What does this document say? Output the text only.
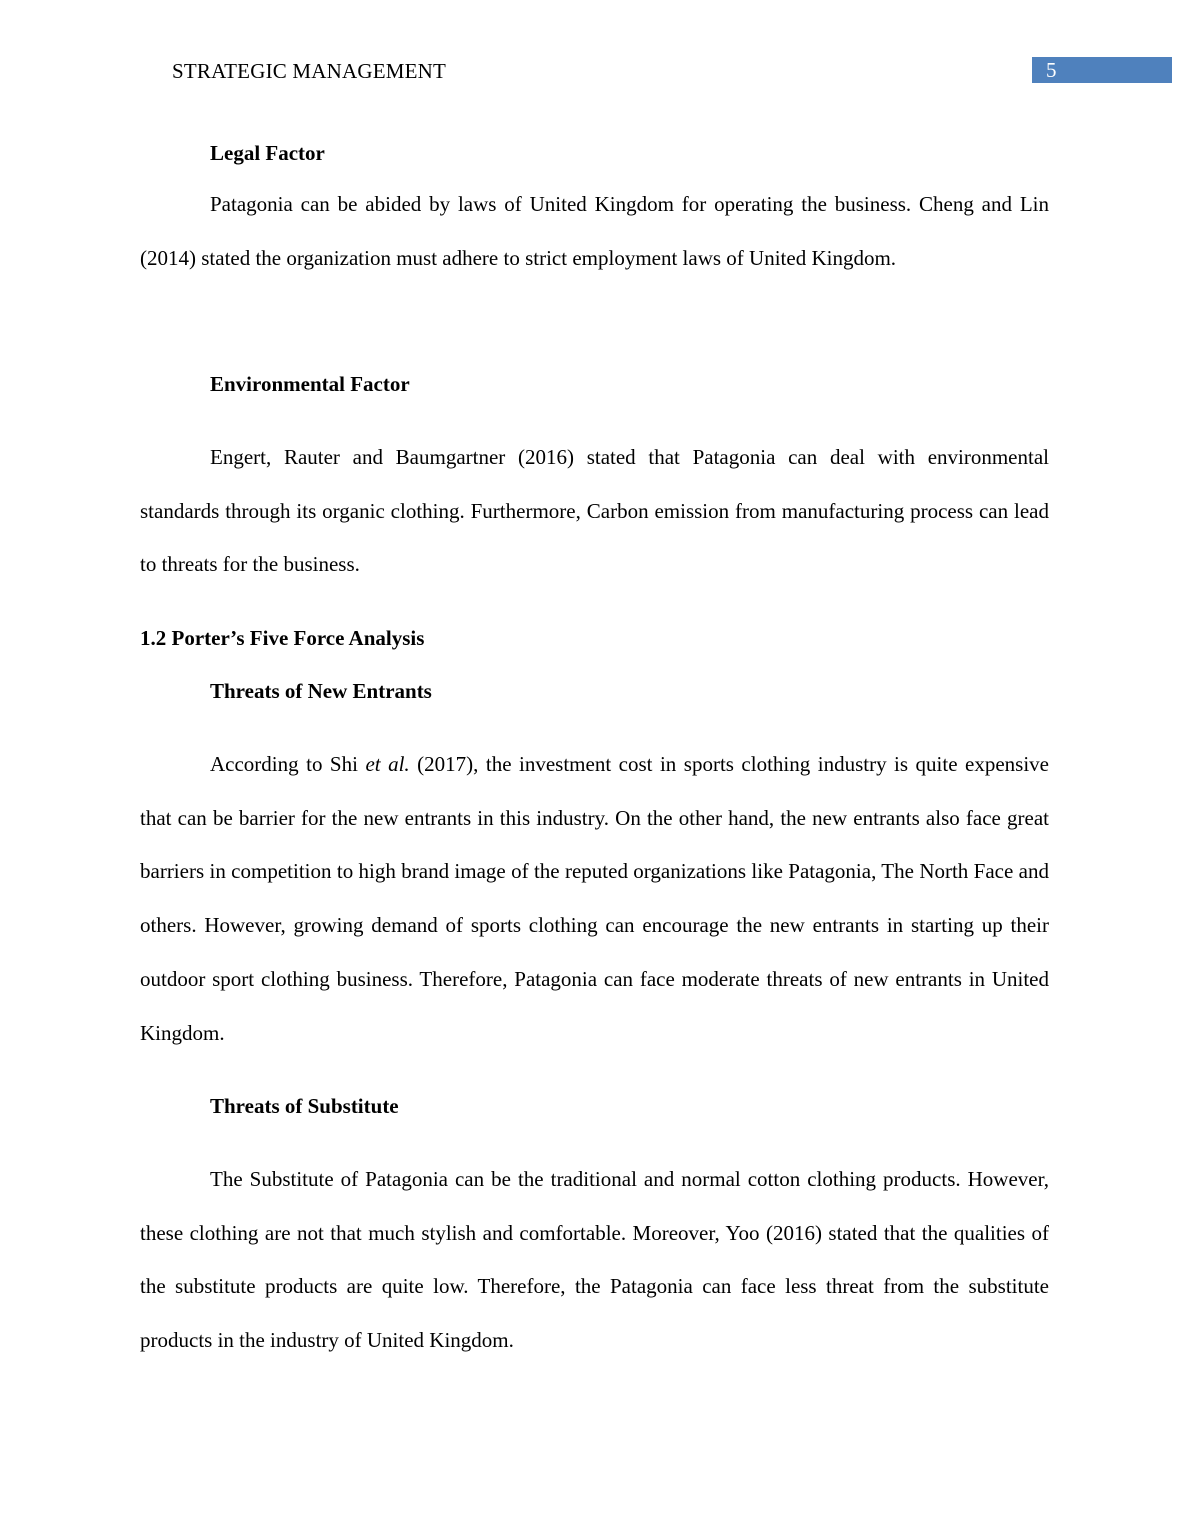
STRATEGIC MANAGEMENT	5
Legal Factor

Patagonia can be abided by laws of United Kingdom for operating the business. Cheng and Lin (2014) stated the organization must adhere to strict employment laws of United Kingdom.

Environmental Factor

Engert, Rauter and Baumgartner (2016) stated that Patagonia can deal with environmental standards through its organic clothing. Furthermore, Carbon emission from manufacturing process can lead to threats for the business.

1.2 Porter’s Five Force Analysis
Threats of New Entrants

According to Shi et al. (2017), the investment cost in sports clothing industry is quite expensive that can be barrier for the new entrants in this industry. On the other hand, the new entrants also face great barriers in competition to high brand image of the reputed organizations like Patagonia, The North Face and others. However, growing demand of sports clothing can encourage the new entrants in starting up their outdoor sport clothing business. Therefore, Patagonia can face moderate threats of new entrants in United Kingdom.

Threats of Substitute

The Substitute of Patagonia can be the traditional and normal cotton clothing products. However, these clothing are not that much stylish and comfortable. Moreover, Yoo (2016) stated that the qualities of the substitute products are quite low. Therefore, the Patagonia can face less threat from the substitute products in the industry of United Kingdom.
